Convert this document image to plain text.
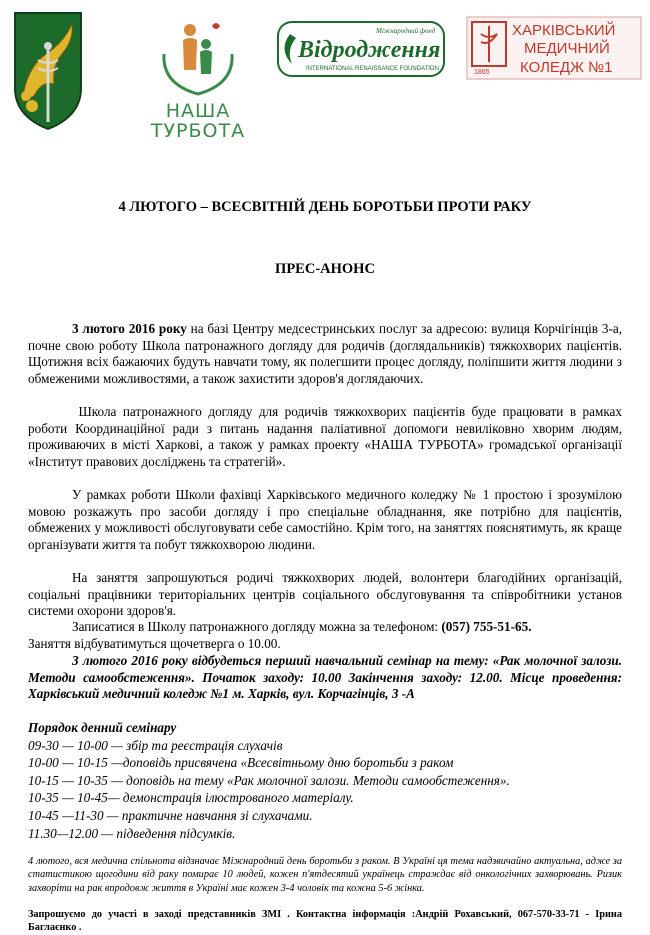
НАША
ТУРБОТА
Міжнародний фонд
Відродження
INTERNATIONAL RENAISSANCE FOUNDATION	1865
ХАРКІВСЬКИЙ
МЕДИЧНИЙ
КОЛЕДЖ №1
4 ЛЮТОГО – ВСЕСВІТНІЙ ДЕНЬ БОРОТЬБИ ПРОТИ РАКУ
ПРЕС-АНОНС
3 лютого 2016 року на базі Центру медсестринських послуг за адресою: вулиця Корчігінців 3-а, почне свою роботу Школа патронажного догляду для родичів (доглядальників) тяжкохворих пацієнтів. Щотижня всіх бажаючих будуть навчати тому, як полегшити процес догляду, поліпшити життя людини з обмеженими можливостями, а також захистити здоров'я доглядаючих.
Школа патронажного догляду для родичів тяжкохворих пацієнтів буде працювати в рамках роботи Координаційної ради з питань надання паліативної допомоги невиліковно хворим людям, проживаючих в місті Харкові, а також у рамках проекту «НАША ТУРБОТА» громадської організації «Інститут правових досліджень та стратегій».
У рамках роботи Школи фахівці Харківського медичного коледжу № 1 простою і зрозумілою мовою розкажуть про засоби догляду і про спеціальне обладнання, яке потрібно для пацієнтів, обмежених у можливості обслуговувати себе самостійно. Крім того, на заняттях пояснятимуть, як краще організувати життя та побут тяжкохворою людини.
На заняття запрошуються родичі тяжкохворих людей, волонтери благодійних організацій, соціальні працівники територіальних центрів соціального обслуговування та співробітники установ системи охорони здоров'я.
Записатися в Школу патронажного догляду можна за телефоном: (057) 755-51-65.
Заняття відбуватимуться щочетверга о 10.00.
3 лютого 2016 року відбудеться перший навчальний семінар на тему: «Рак молочної залози. Методи самообстеження». Початок заходу: 10.00 Закінчення заходу: 12.00. Місце проведення: Харківський медичний коледж №1 м. Харків, вул. Корчагінців, 3 -А
Порядок денний семінару
09-30 — 10-00 — збір та реєстрація слухачів
10-00 — 10-15 —доповідь присвячена «Всесвітньому дню боротьби з раком
10-15 — 10-35 — доповідь на тему «Рак молочної залози. Методи самообстеження».
10-35 — 10-45— демонстрація ілюстрованого матеріалу.
10-45 —11-30 — практичне навчання зі слухачами.
11.30—12.00 — підведення підсумків.
4 лютого, вся медична спільнота відзначає Міжнародний день боротьби з раком. В Україні ця тема надзвичайно актуальна, адже за статистикою щогодини від раку помирає 10 людей, кожен п'ятдесятий українець страждає від онкологічних захворювань. Ризик захворіти на рак впродовж життя в Україні має кожен 3-4 чоловік та кожна 5-6 жінка.
Запрошуємо до участі в заході представників ЗМІ . Контактна інформація :Андрій Рохавський, 067-570-33-71 - Ірина Баглаєнко .
